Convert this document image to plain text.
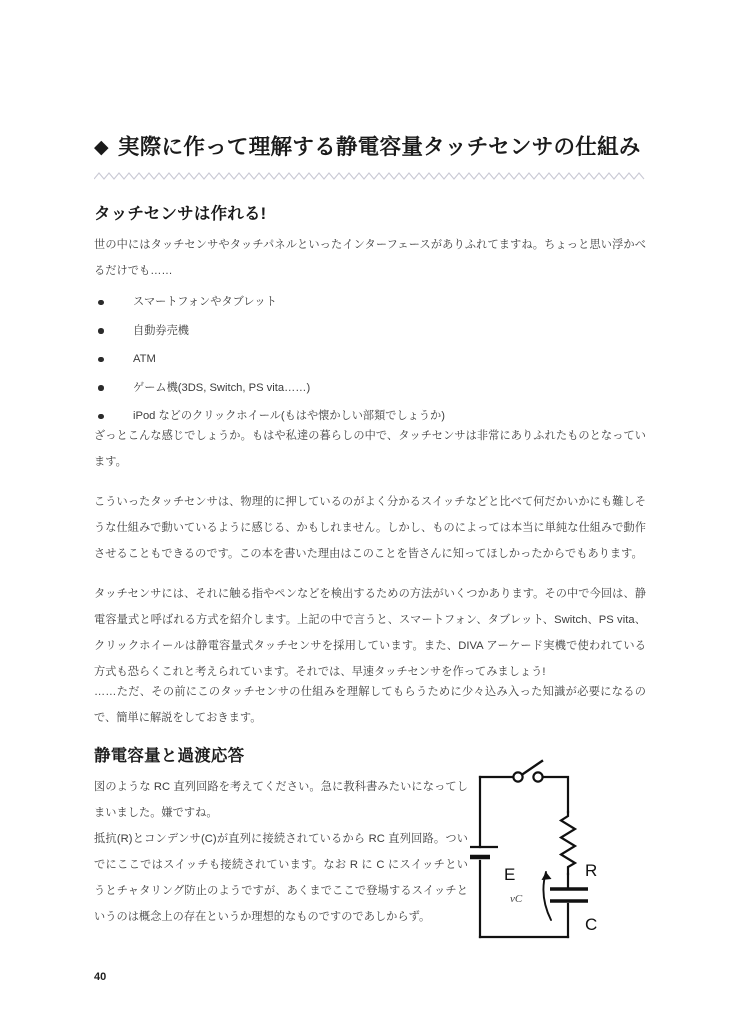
◆ 実際に作って理解する静電容量タッチセンサの仕組み
タッチセンサは作れる!
世の中にはタッチセンサやタッチパネルといったインターフェースがありふれてますね。ちょっと思い浮かべるだけでも……
スマートフォンやタブレット
自動券売機
ATM
ゲーム機(3DS, Switch, PS vita……)
iPod などのクリックホイール(もはや懐かしい部類でしょうか)
ざっとこんな感じでしょうか。もはや私達の暮らしの中で、タッチセンサは非常にありふれたものとなっています。
こういったタッチセンサは、物理的に押しているのがよく分かるスイッチなどと比べて何だかいかにも難しそうな仕組みで動いているように感じる、かもしれません。しかし、ものによっては本当に単純な仕組みで動作させることもできるのです。この本を書いた理由はこのことを皆さんに知ってほしかったからでもあります。
タッチセンサには、それに触る指やペンなどを検出するための方法がいくつかあります。その中で今回は、静電容量式と呼ばれる方式を紹介します。上記の中で言うと、スマートフォン、タブレット、Switch、PS vita、クリックホイールは静電容量式タッチセンサを採用しています。また、DIVA アーケード実機で使われている方式も恐らくこれと考えられています。それでは、早速タッチセンサを作ってみましょう!
……ただ、その前にこのタッチセンサの仕組みを理解してもらうために少々込み入った知識が必要になるので、簡単に解説をしておきます。
静電容量と過渡応答
図のような RC 直列回路を考えてください。急に教科書みたいになってしまいました。嫌ですね。
抵抗(R)とコンデンサ(C)が直列に接続されているから RC 直列回路。ついでにここではスイッチも接続されています。なお R に C にスイッチというとチャタリング防止のようですが、あくまでここで登場するスイッチというのは概念上の存在というか理想的なものですのであしからず。
E	R
C
vC
40
